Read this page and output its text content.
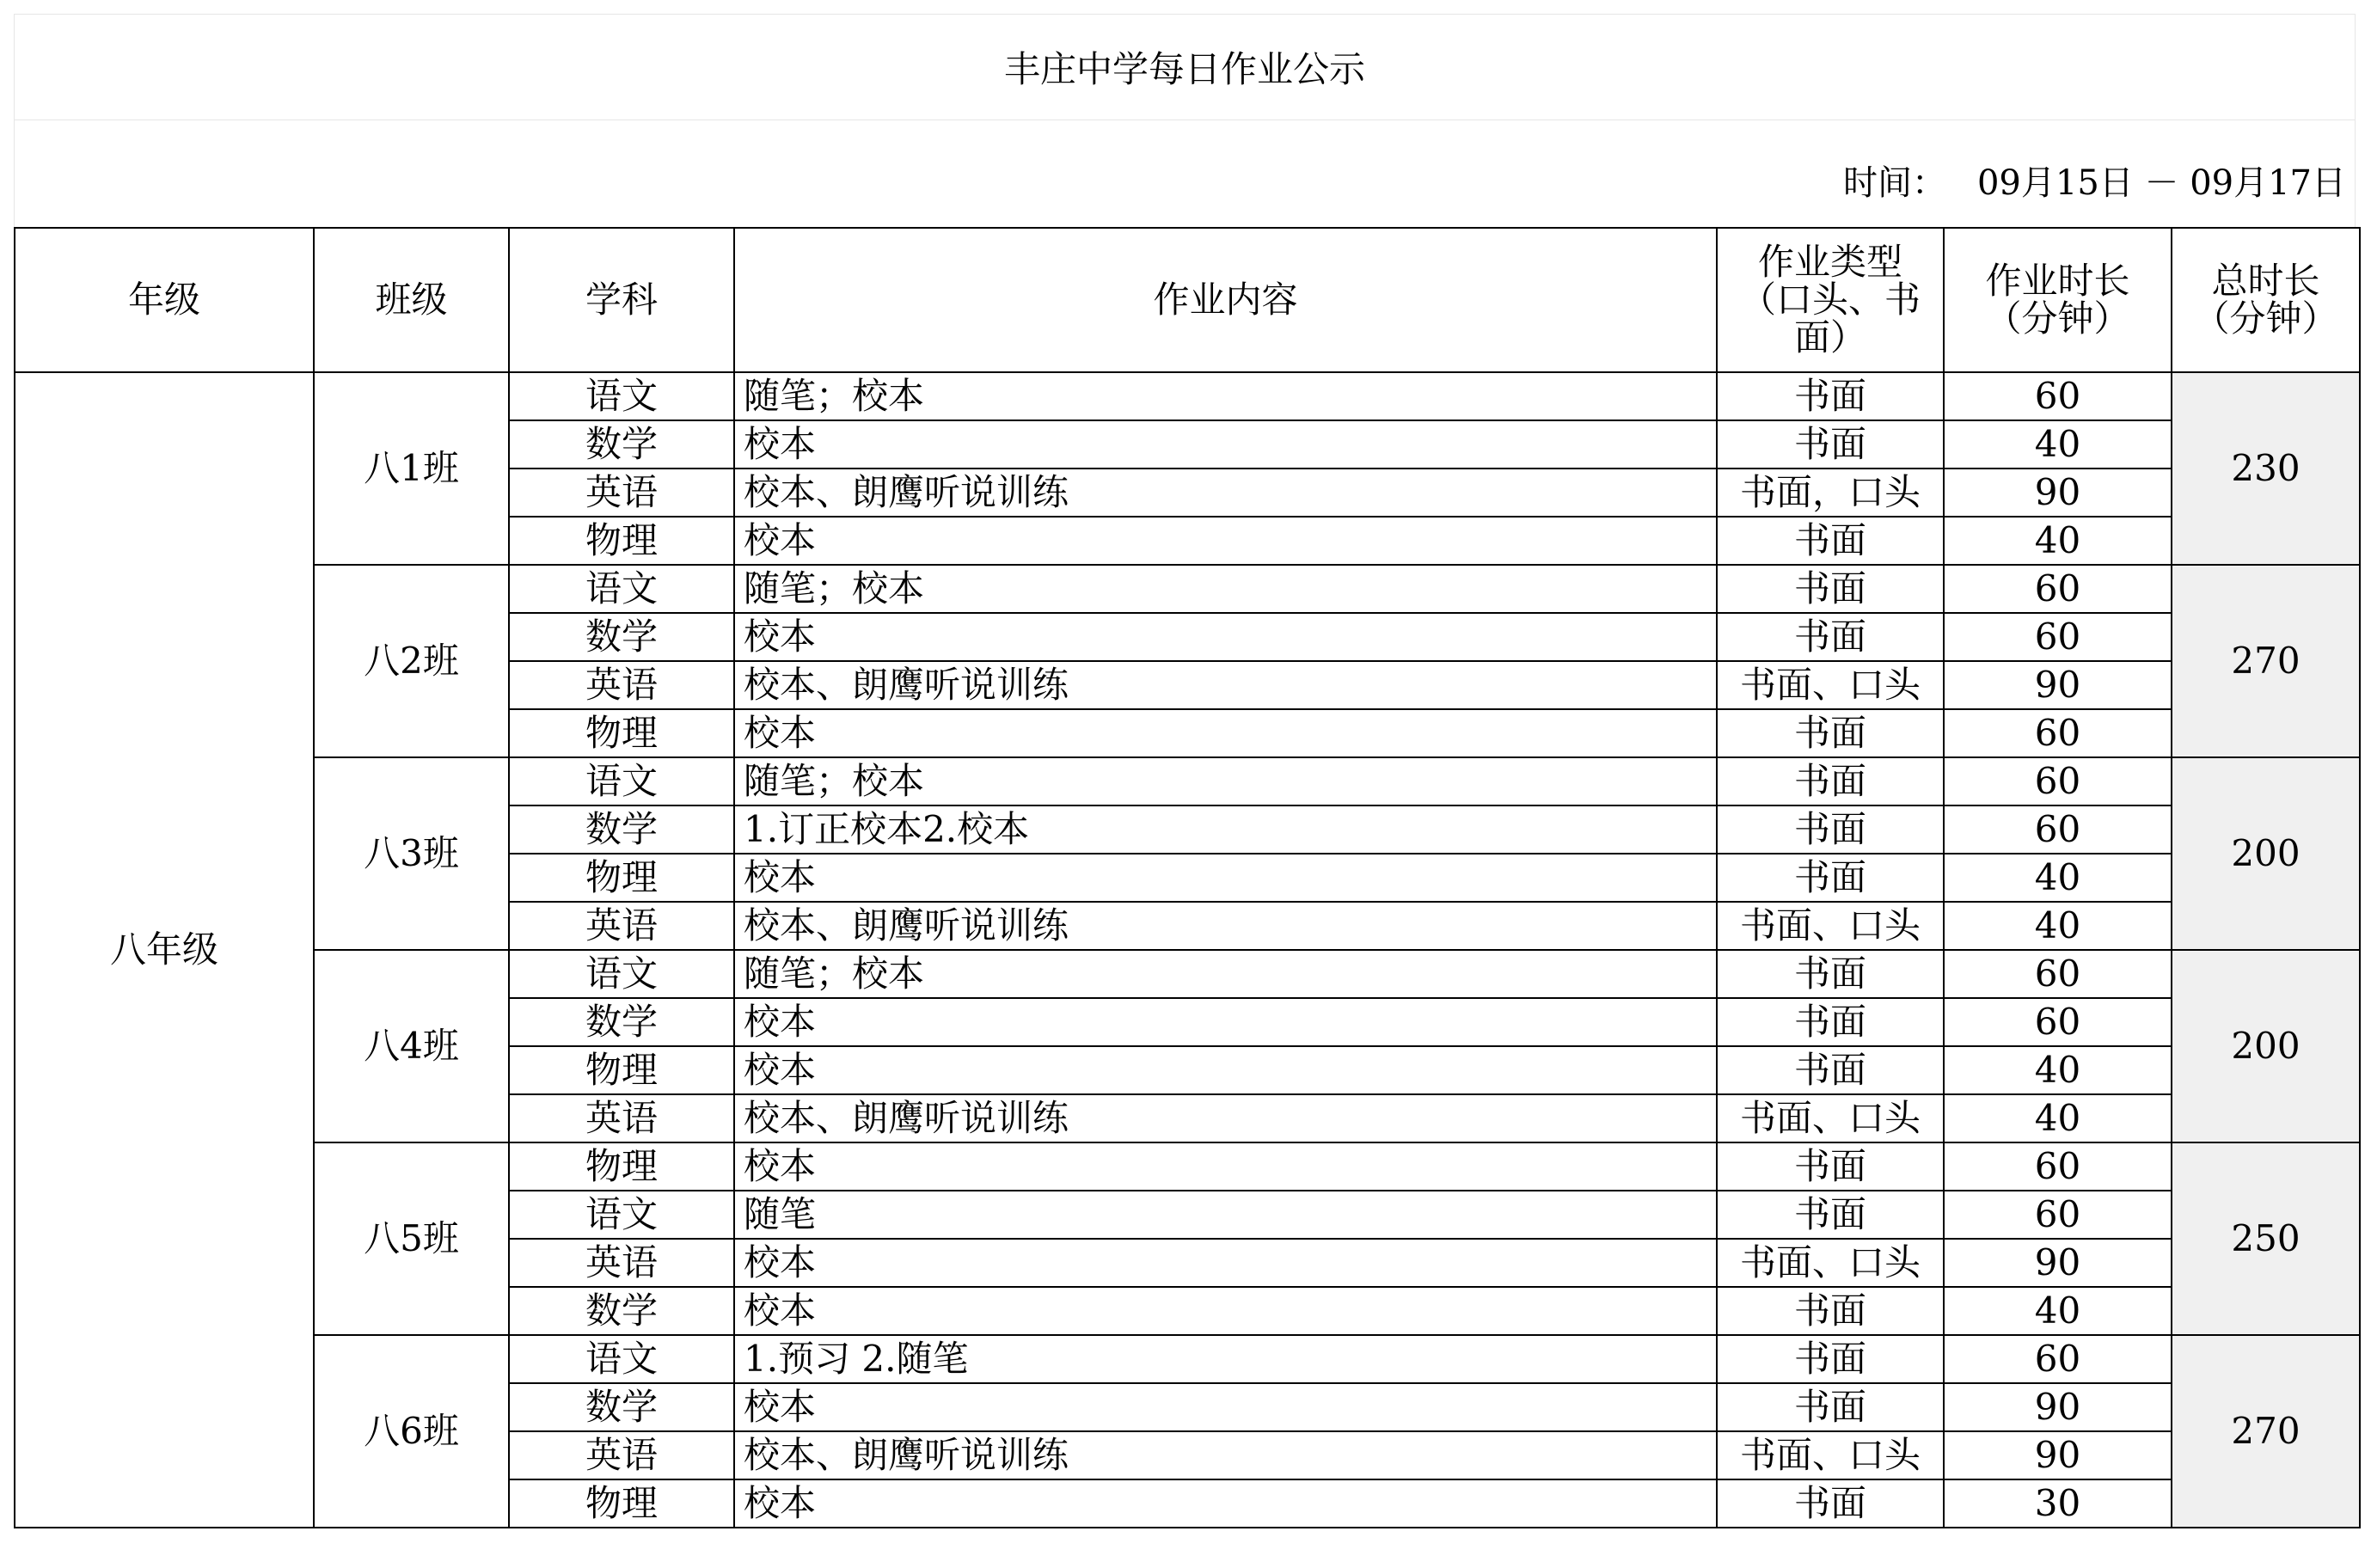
丰庄中学每日作业公示
时间： 09月15日 － 09月17日
年级	班级	学科	作业内容	作业类型
（口头、书
面）	作业时长
（分钟）	总时长
（分钟）

八年级	八1班	语文	随笔；校本	书面	60	230
		数学	校本	书面	40	
		英语	校本、朗鹰听说训练	书面，口头	90	
		物理	校本	书面	40	
	八2班	语文	随笔；校本	书面	60	270
		数学	校本	书面	60	
		英语	校本、朗鹰听说训练	书面、口头	90	
		物理	校本	书面	60	
	八3班	语文	随笔；校本	书面	60	200
		数学	1.订正校本2.校本	书面	60	
		物理	校本	书面	40	
		英语	校本、朗鹰听说训练	书面、口头	40	
	八4班	语文	随笔；校本	书面	60	200
		数学	校本	书面	60	
		物理	校本	书面	40	
		英语	校本、朗鹰听说训练	书面、口头	40	
	八5班	物理	校本	书面	60	250
		语文	随笔	书面	60	
		英语	校本	书面、口头	90	
		数学	校本	书面	40	
	八6班	语文	1.预习 2.随笔	书面	60	270
		数学	校本	书面	90	
		英语	校本、朗鹰听说训练	书面、口头	90	
		物理	校本	书面	30	
